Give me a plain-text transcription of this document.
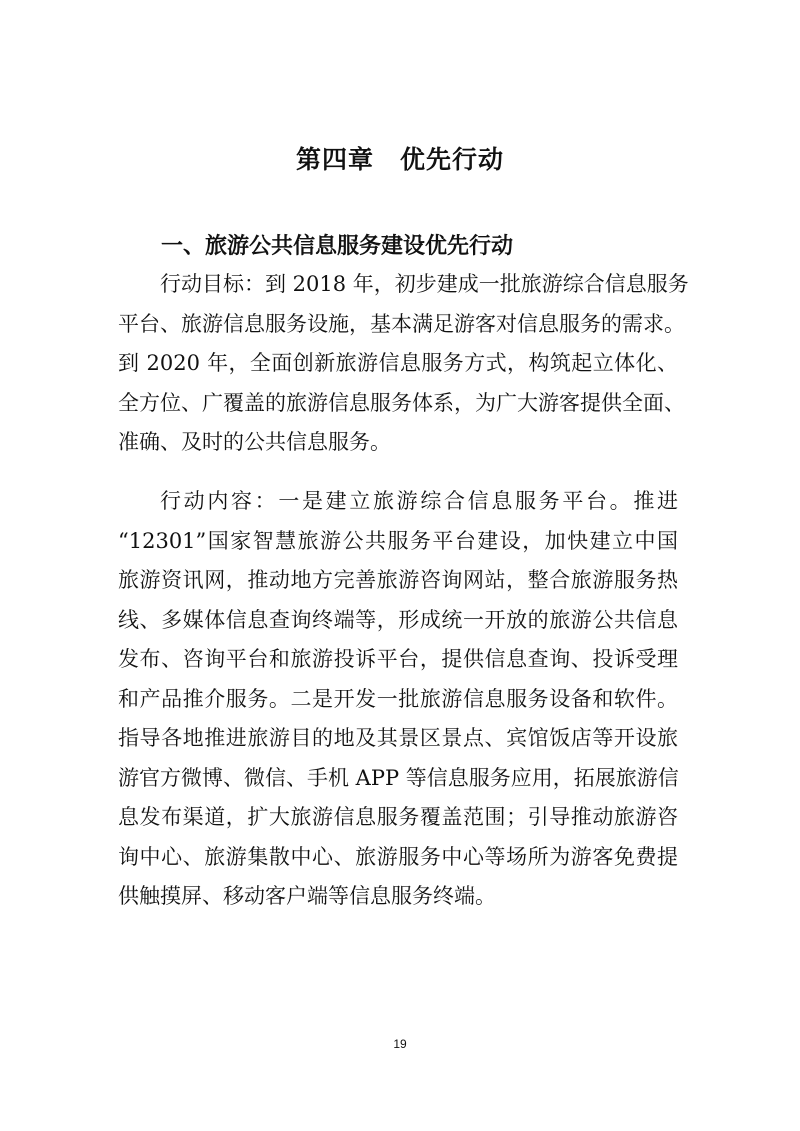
第四章　优先行动
一、旅游公共信息服务建设优先行动
行动目标：到 2018 年，初步建成一批旅游综合信息服务
平台、旅游信息服务设施，基本满足游客对信息服务的需求。
到 2020 年，全面创新旅游信息服务方式，构筑起立体化、
全方位、广覆盖的旅游信息服务体系，为广大游客提供全面、
准确、及时的公共信息服务。
行动内容：一是建立旅游综合信息服务平台。推进
“12301”国家智慧旅游公共服务平台建设，加快建立中国
旅游资讯网，推动地方完善旅游咨询网站，整合旅游服务热
线、多媒体信息查询终端等，形成统一开放的旅游公共信息
发布、咨询平台和旅游投诉平台，提供信息查询、投诉受理
和产品推介服务。二是开发一批旅游信息服务设备和软件。
指导各地推进旅游目的地及其景区景点、宾馆饭店等开设旅
游官方微博、微信、手机 APP 等信息服务应用，拓展旅游信
息发布渠道，扩大旅游信息服务覆盖范围；引导推动旅游咨
询中心、旅游集散中心、旅游服务中心等场所为游客免费提
供触摸屏、移动客户端等信息服务终端。
19
